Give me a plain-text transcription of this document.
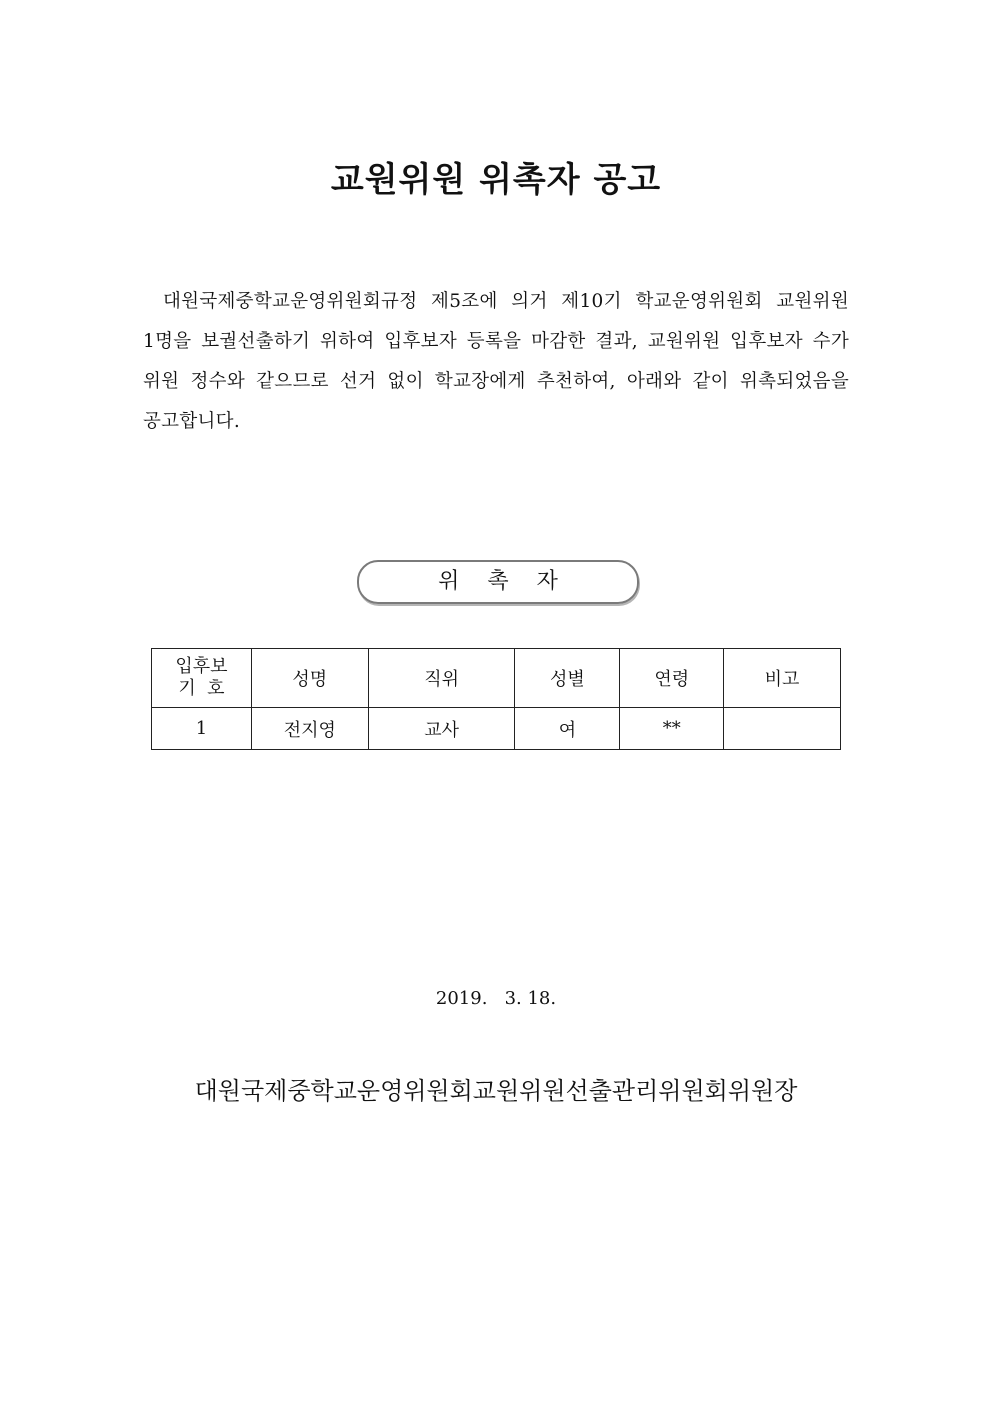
교원위원 위촉자 공고

대원국제중학교운영위원회규정 제5조에 의거 제10기 학교운영위원회 교원위원 1명을 보궐선출하기 위하여 입후보자 등록을 마감한 결과, 교원위원 입후보자 수가 위원 정수와 같으므로 선거 없이 학교장에게 추천하여, 아래와 같이 위촉되었음을 공고합니다.

위촉자
입후보
기  호	성명	직위	성별	연령	비고
1	전지영	교사	여	**	
2019.   3. 18.
대원국제중학교운영위원회교원위원선출관리위원회위원장
